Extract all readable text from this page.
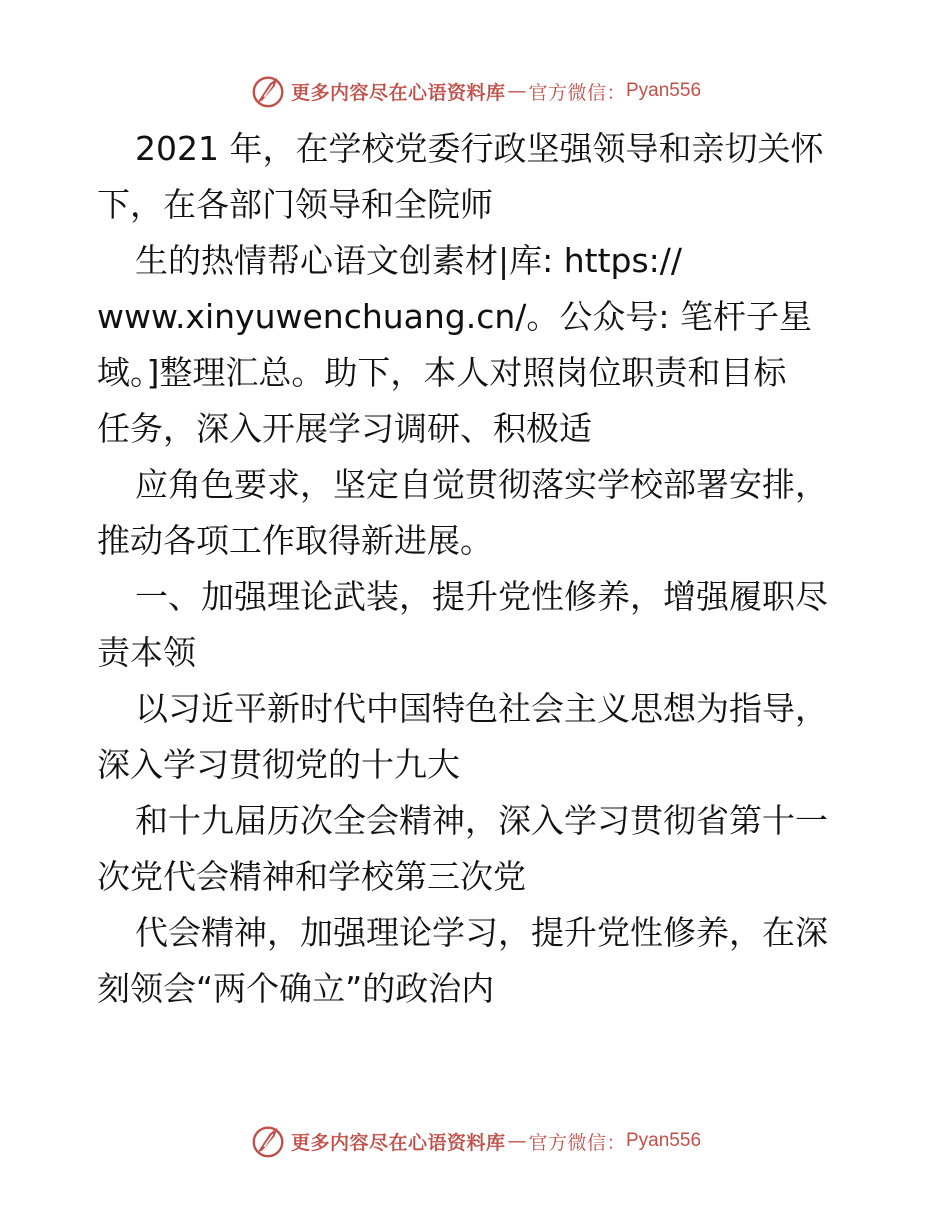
更多内容尽在心语资料库 — 官方微信： Pyan556

2021 年，在学校党委行政坚强领导和亲切关怀

下，在各部门领导和全院师

生的热情帮心语文创素材|库: https://

www.xinyuwenchuang.cn/。公众号: 笔杆子星

域。]整理汇总。助下，本人对照岗位职责和目标

任务，深入开展学习调研、积极适

应角色要求，坚定自觉贯彻落实学校部署安排，

推动各项工作取得新进展。

一、加强理论武装，提升党性修养，增强履职尽

责本领

以习近平新时代中国特色社会主义思想为指导，

深入学习贯彻党的十九大

和十九届历次全会精神，深入学习贯彻省第十一

次党代会精神和学校第三次党

代会精神，加强理论学习，提升党性修养，在深

刻领会“两个确立”的政治内

更多内容尽在心语资料库 — 官方微信： Pyan556
